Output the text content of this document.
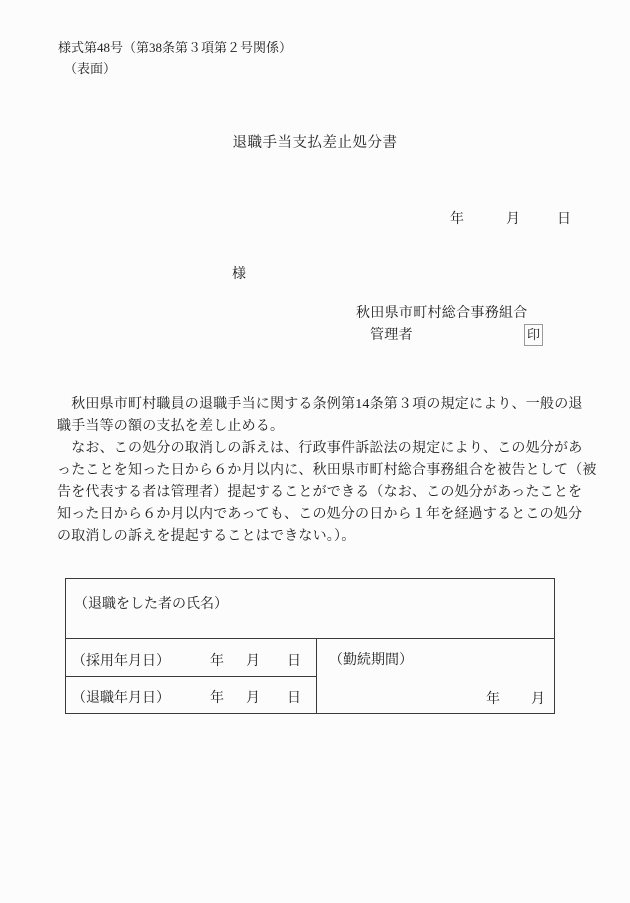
様式第48号（第38条第３項第２号関係）
（表面）
退職手当支払差止処分書
年	月	日
様
秋田県市町村総合事務組合
管理者	印
　秋田県市町村職員の退職手当に関する条例第14条第３項の規定により、一般の退
職手当等の額の支払を差し止める。
　なお、この処分の取消しの訴えは、行政事件訴訟法の規定により、この処分があ
ったことを知った日から６か月以内に、秋田県市町村総合事務組合を被告として（被
告を代表する者は管理者）提起することができる（なお、この処分があったことを
知った日から６か月以内であっても、この処分の日から１年を経過するとこの処分
の取消しの訴えを提起することはできない。）。
（退職をした者の氏名）
（採用年月日）	年 月 日
（退職年月日）	年 月 日
（勤続期間）
年 月
